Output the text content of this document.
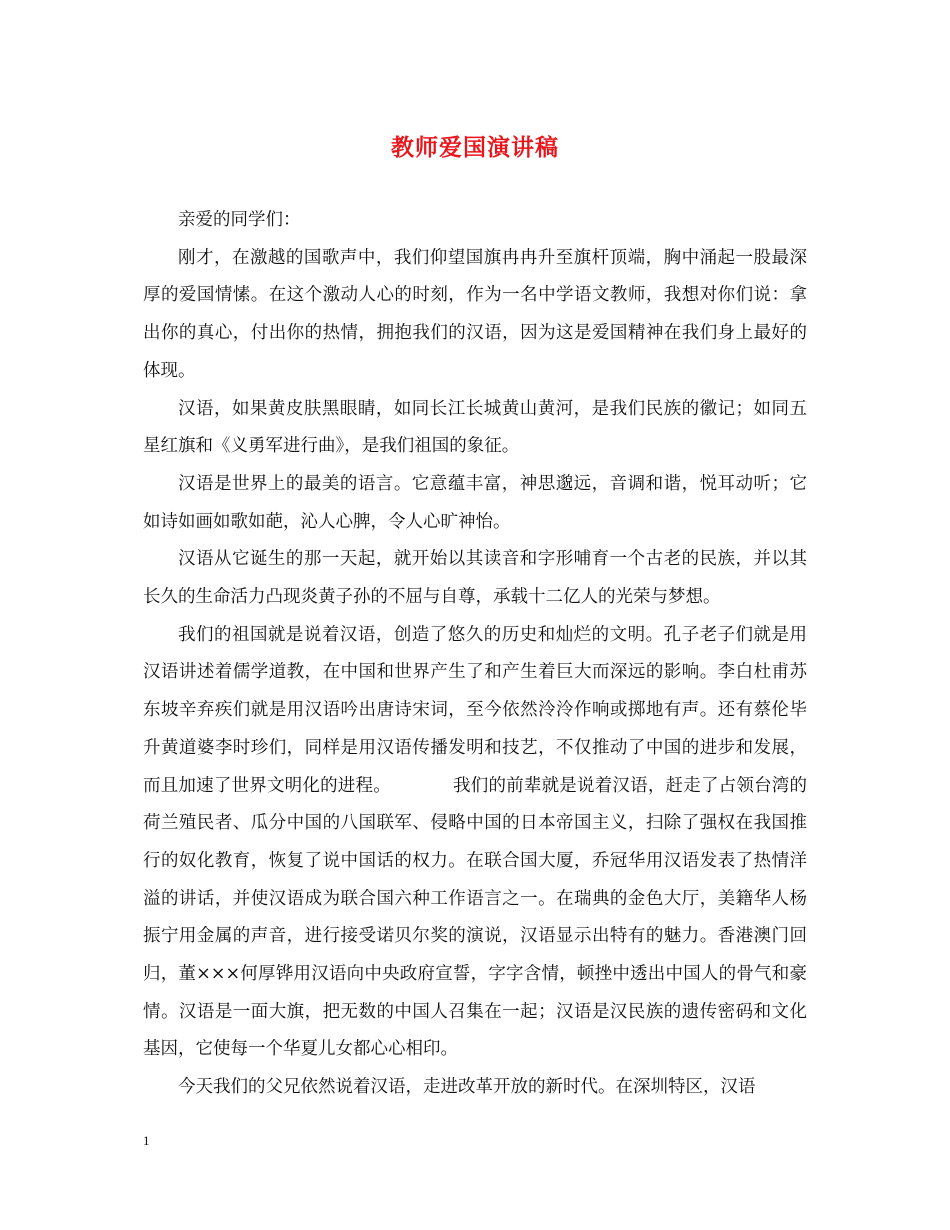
教师爱国演讲稿

亲爱的同学们：

刚才，在激越的国歌声中，我们仰望国旗冉冉升至旗杆顶端，胸中涌起一股最深厚的爱国情愫。在这个激动人心的时刻，作为一名中学语文教师，我想对你们说：拿出你的真心，付出你的热情，拥抱我们的汉语，因为这是爱国精神在我们身上最好的体现。

汉语，如果黄皮肤黑眼睛，如同长江长城黄山黄河，是我们民族的徽记；如同五星红旗和《义勇军进行曲》，是我们祖国的象征。

汉语是世界上的最美的语言。它意蕴丰富，神思邈远，音调和谐，悦耳动听；它如诗如画如歌如葩，沁人心脾，令人心旷神怡。

汉语从它诞生的那一天起，就开始以其读音和字形哺育一个古老的民族，并以其长久的生命活力凸现炎黄子孙的不屈与自尊，承载十二亿人的光荣与梦想。

我们的祖国就是说着汉语，创造了悠久的历史和灿烂的文明。孔子老子们就是用汉语讲述着儒学道教，在中国和世界产生了和产生着巨大而深远的影响。李白杜甫苏东坡辛弃疾们就是用汉语吟出唐诗宋词，至今依然泠泠作响或掷地有声。还有蔡伦毕升黄道婆李时珍们，同样是用汉语传播发明和技艺，不仅推动了中国的进步和发展，而且加速了世界文明化的进程。　　　　我们的前辈就是说着汉语，赶走了占领台湾的荷兰殖民者、瓜分中国的八国联军、侵略中国的日本帝国主义，扫除了强权在我国推行的奴化教育，恢复了说中国话的权力。在联合国大厦，乔冠华用汉语发表了热情洋溢的讲话，并使汉语成为联合国六种工作语言之一。在瑞典的金色大厅，美籍华人杨振宁用金属的声音，进行接受诺贝尔奖的演说，汉语显示出特有的魅力。香港澳门回归，董×××何厚铧用汉语向中央政府宣誓，字字含情，顿挫中透出中国人的骨气和豪情。汉语是一面大旗，把无数的中国人召集在一起；汉语是汉民族的遗传密码和文化基因，它使每一个华夏儿女都心心相印。

今天我们的父兄依然说着汉语，走进改革开放的新时代。在深圳特区，汉语

1
